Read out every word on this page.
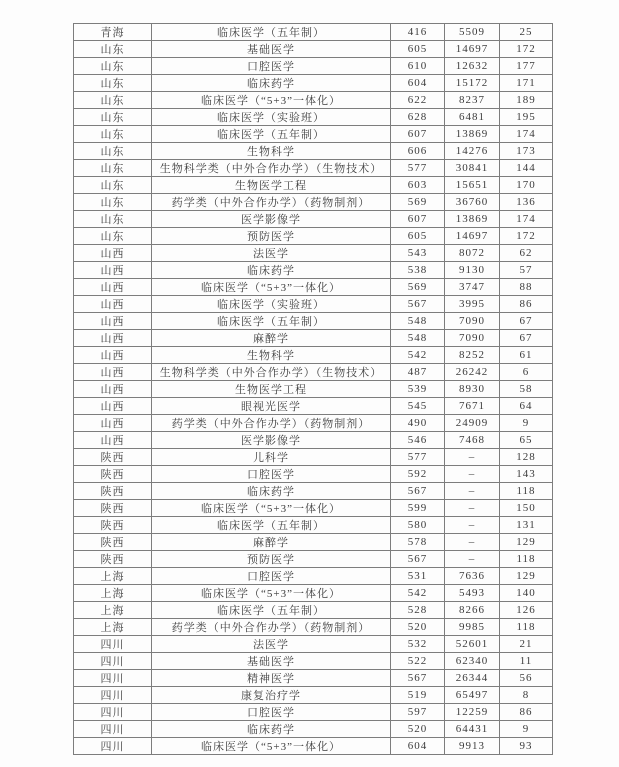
青海	临床医学（五年制）	416	5509	25
山东	基础医学	605	14697	172
山东	口腔医学	610	12632	177
山东	临床药学	604	15172	171
山东	临床医学（“5+3”一体化）	622	8237	189
山东	临床医学（实验班）	628	6481	195
山东	临床医学（五年制）	607	13869	174
山东	生物科学	606	14276	173
山东	生物科学类（中外合作办学）（生物技术）	577	30841	144
山东	生物医学工程	603	15651	170
山东	药学类（中外合作办学）（药物制剂）	569	36760	136
山东	医学影像学	607	13869	174
山东	预防医学	605	14697	172
山西	法医学	543	8072	62
山西	临床药学	538	9130	57
山西	临床医学（“5+3”一体化）	569	3747	88
山西	临床医学（实验班）	567	3995	86
山西	临床医学（五年制）	548	7090	67
山西	麻醉学	548	7090	67
山西	生物科学	542	8252	61
山西	生物科学类（中外合作办学）（生物技术）	487	26242	6
山西	生物医学工程	539	8930	58
山西	眼视光医学	545	7671	64
山西	药学类（中外合作办学）（药物制剂）	490	24909	9
山西	医学影像学	546	7468	65
陕西	儿科学	577	–	128
陕西	口腔医学	592	–	143
陕西	临床药学	567	–	118
陕西	临床医学（“5+3”一体化）	599	–	150
陕西	临床医学（五年制）	580	–	131
陕西	麻醉学	578	–	129
陕西	预防医学	567	–	118
上海	口腔医学	531	7636	129
上海	临床医学（“5+3”一体化）	542	5493	140
上海	临床医学（五年制）	528	8266	126
上海	药学类（中外合作办学）（药物制剂）	520	9985	118
四川	法医学	532	52601	21
四川	基础医学	522	62340	11
四川	精神医学	567	26344	56
四川	康复治疗学	519	65497	8
四川	口腔医学	597	12259	86
四川	临床药学	520	64431	9
四川	临床医学（“5+3”一体化）	604	9913	93
